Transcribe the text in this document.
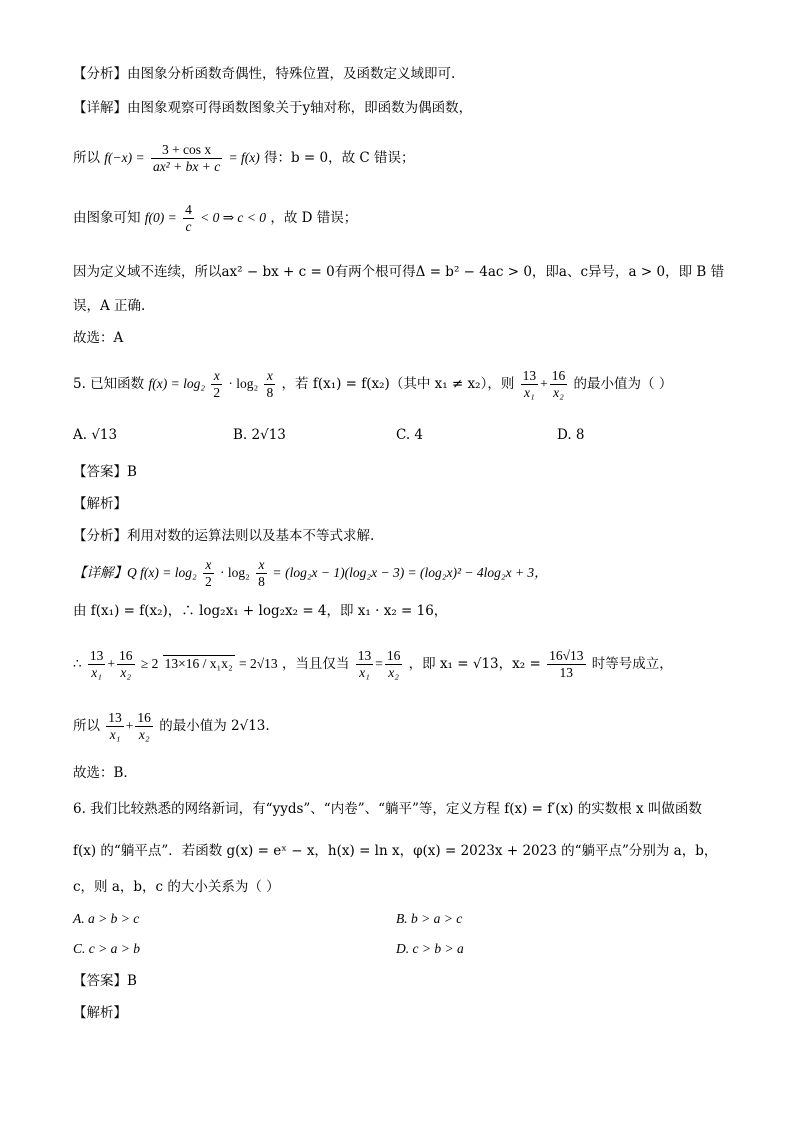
【分析】由图象分析函数奇偶性，特殊位置，及函数定义域即可.
【详解】由图象观察可得函数图象关于y轴对称，即函数为偶函数，
所以 $f(-x) = \frac{\text{3 + cos x}}{\text{ax² + bx + c}} = f(x)$ 得：b = 0，故 C 错误；
由图象可知 $f(0) = \frac{4}{c} < 0$ ⇒ c < 0 ，故 D 错误；
因为定义域不连续，所以ax² − bx + c = 0有两个根可得Δ = b² − 4ac > 0，即a、c异号，a > 0，即 B 错
误，A 正确.
故选：A
5. 已知函数 $f(x) = \log_2 \frac{x}{2} \cdot \log_2 \frac{x}{8}$ ，若 f(x₁) = f(x₂)（其中 x₁ ≠ x₂），则 $\frac{13}{\text{x₁}} + \frac{16}{\text{x₂}}$ 的最小值为（ ）
A. √13	B. 2√13	C. 4	D. 8
【答案】B
【解析】
【分析】利用对数的运算法则以及基本不等式求解.
【详解】Q $f(x) = \log_2 \frac{x}{2} \cdot \log_2 \frac{x}{8} = (\log_2x - 1)(\log_2x - 3) = (\log_2x)^2 - 4\log_2x + 3$，
由 f(x₁) = f(x₂)，∴ log₂x₁ + log₂x₂ = 4，即 x₁ · x₂ = 16，
∴ $\frac{13}{\text{x₁}} + \frac{16}{\text{x₂}} \ge 2$ 13×16 / x₁x₂ = 2√13 ，当且仅当 $\frac{13}{\text{x₁}} = \frac{16}{\text{x₂}}$ ，即 x₁ = √13，$x_2 = \frac{16√13}{13}$ 时等号成立，
所以 $\frac{13}{\text{x₁}} + \frac{16}{\text{x₂}}$ 的最小值为 2√13.
故选：B．
6. 我们比较熟悉的网络新词，有“yyds”、“内卷”、“躺平”等，定义方程 f(x) = f′(x) 的实数根 x 叫做函数
f(x) 的“躺平点”．若函数 g(x) = eˣ − x，h(x) = ln x，φ(x) = 2023x + 2023 的“躺平点”分别为 a，b，
c，则 a，b，c 的大小关系为（ ）
A. a > b > c	B. b > a > c
C. c > a > b	D. c > b > a
【答案】B
【解析】
